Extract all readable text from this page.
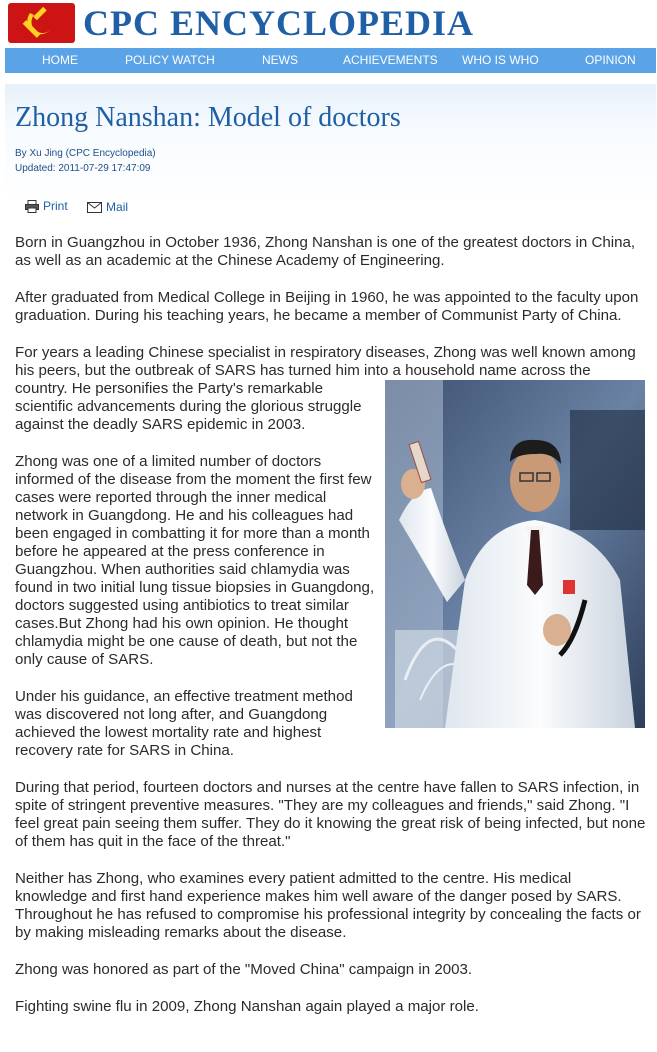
CPC ENCYCLOPEDIA
HOME	POLICY WATCH	NEWS	ACHIEVEMENTS WHO IS WHO	OPINION
Zhong Nanshan: Model of doctors
By Xu Jing (CPC Encyclopedia)
Updated: 2011-07-29 17:47:09
Print
	Mail

Born in Guangzhou in October 1936, Zhong Nanshan is one of the greatest doctors in China, as well as an academic at the Chinese Academy of Engineering.

After graduated from Medical College in Beijing in 1960, he was appointed to the faculty upon graduation. During his teaching years, he became a member of Communist Party of China.

For years a leading Chinese specialist in respiratory diseases, Zhong was well known among his peers, but the outbreak of SARS has turned him into a household name
across the country. He personifies the Party's remarkable scientific advancements during the glorious struggle against the deadly SARS epidemic in 2003.

Zhong was one of a limited number of doctors informed of the disease from the moment the first few cases were reported through the inner medical network in Guangdong. He and his colleagues had been engaged in combatting it for more than a month before he appeared at the press conference in Guangzhou. When authorities said chlamydia was found in two initial lung tissue biopsies in Guangdong, doctors suggested using antibiotics to treat similar cases.But Zhong had his own opinion. He thought chlamydia might be one cause of death, but not the only cause of SARS.

Under his guidance, an effective treatment method was discovered not long after, and Guangdong achieved the lowest mortality rate and highest recovery rate for SARS in China.

During that period, fourteen doctors and nurses at the centre have fallen to SARS infection, in spite of stringent preventive measures. "They are my colleagues and friends," said Zhong. "I feel great pain seeing them suffer. They do it knowing the great risk of being infected, but none of them has quit in the face of the threat."

Neither has Zhong, who examines every patient admitted to the centre. His medical knowledge and first hand experience makes him well aware of the danger posed by SARS. Throughout he has refused to compromise his professional integrity by concealing the facts or by making misleading remarks about the disease.

Zhong was honored as part of the "Moved China" campaign in 2003.

Fighting swine flu in 2009, Zhong Nanshan again played a major role.
